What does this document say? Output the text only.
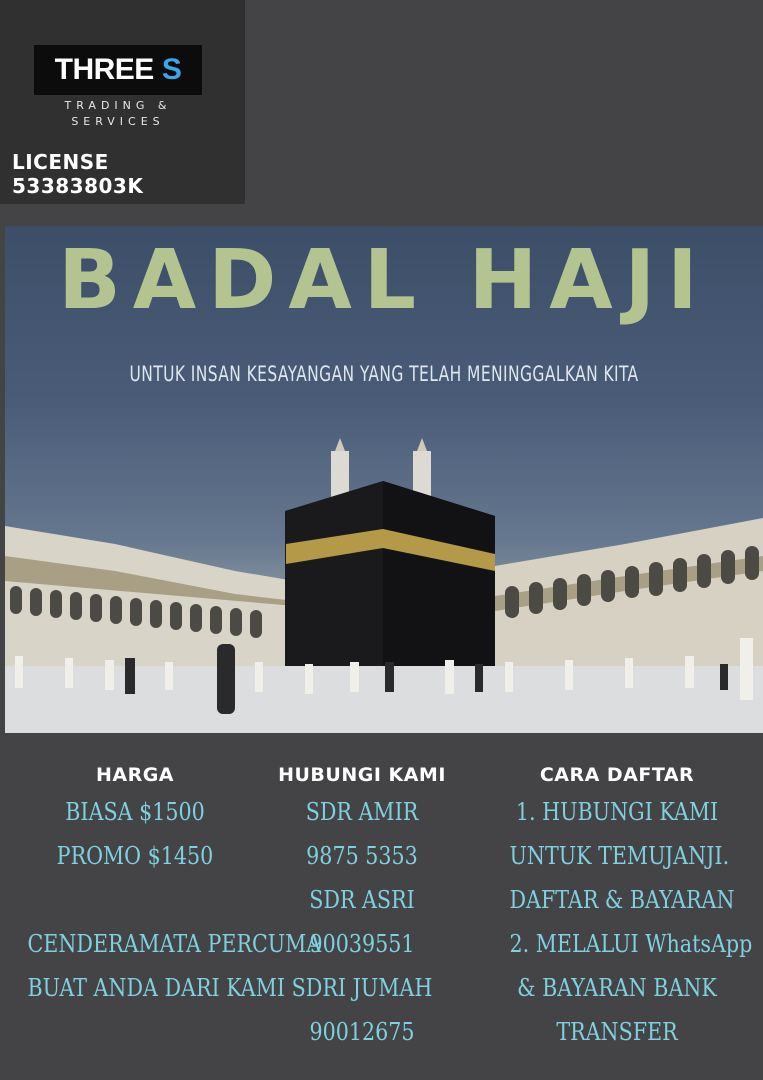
THREE S
TRADING &
SERVICES
LICENSE 53383803K
BADAL HAJI
UNTUK INSAN KESAYANGAN YANG TELAH MENINGGALKAN KITA
HARGA
BIASA $1500
PROMO $1450
CENDERAMATA PERCUMA
BUAT ANDA DARI KAMI
HUBUNGI KAMI
SDR AMIR
9875 5353
SDR ASRI
90039551
SDRI JUMAH
90012675
CARA DAFTAR
1. HUBUNGI KAMI
UNTUK TEMUJANJI.
DAFTAR & BAYARAN
2. MELALUI WhatsApp
& BAYARAN BANK
TRANSFER
